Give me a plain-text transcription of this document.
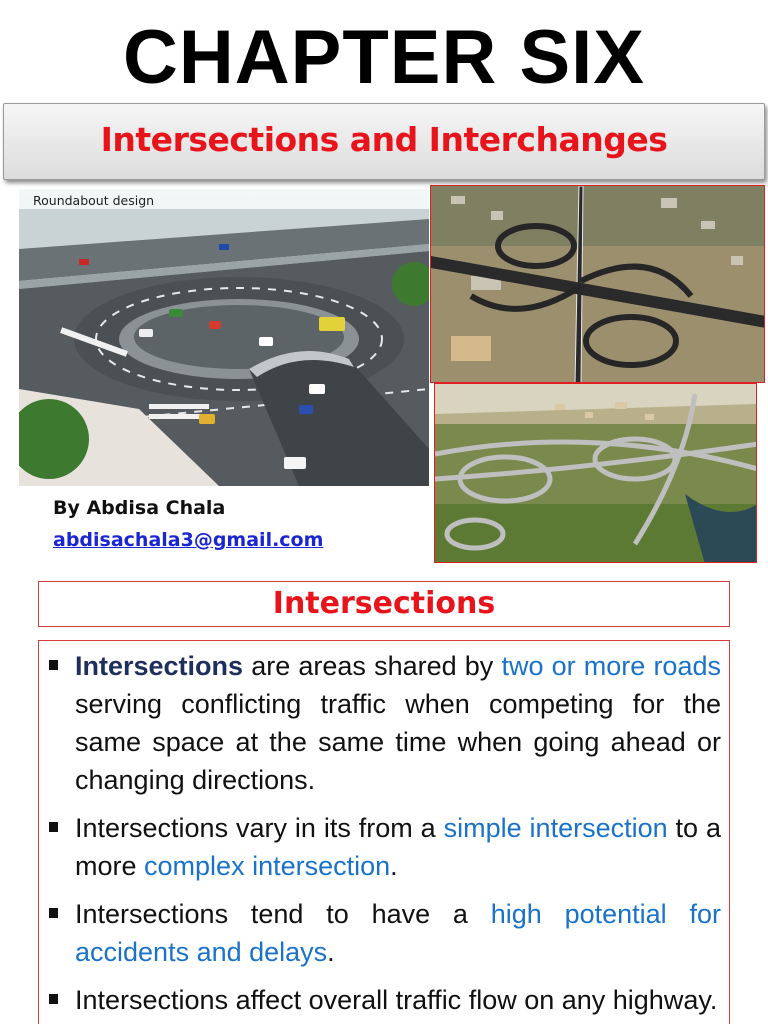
CHAPTER SIX
Intersections and Interchanges
Roundabout design
By Abdisa Chala
abdisachala3@gmail.com
Intersections
Intersections are areas shared by two or more roads serving conflicting traffic when competing for the same space at the same time when going ahead or changing directions.
Intersections vary in its from a simple intersection to a more complex intersection.
Intersections tend to have a high potential for accidents and delays.
Intersections affect overall traffic flow on any highway.
